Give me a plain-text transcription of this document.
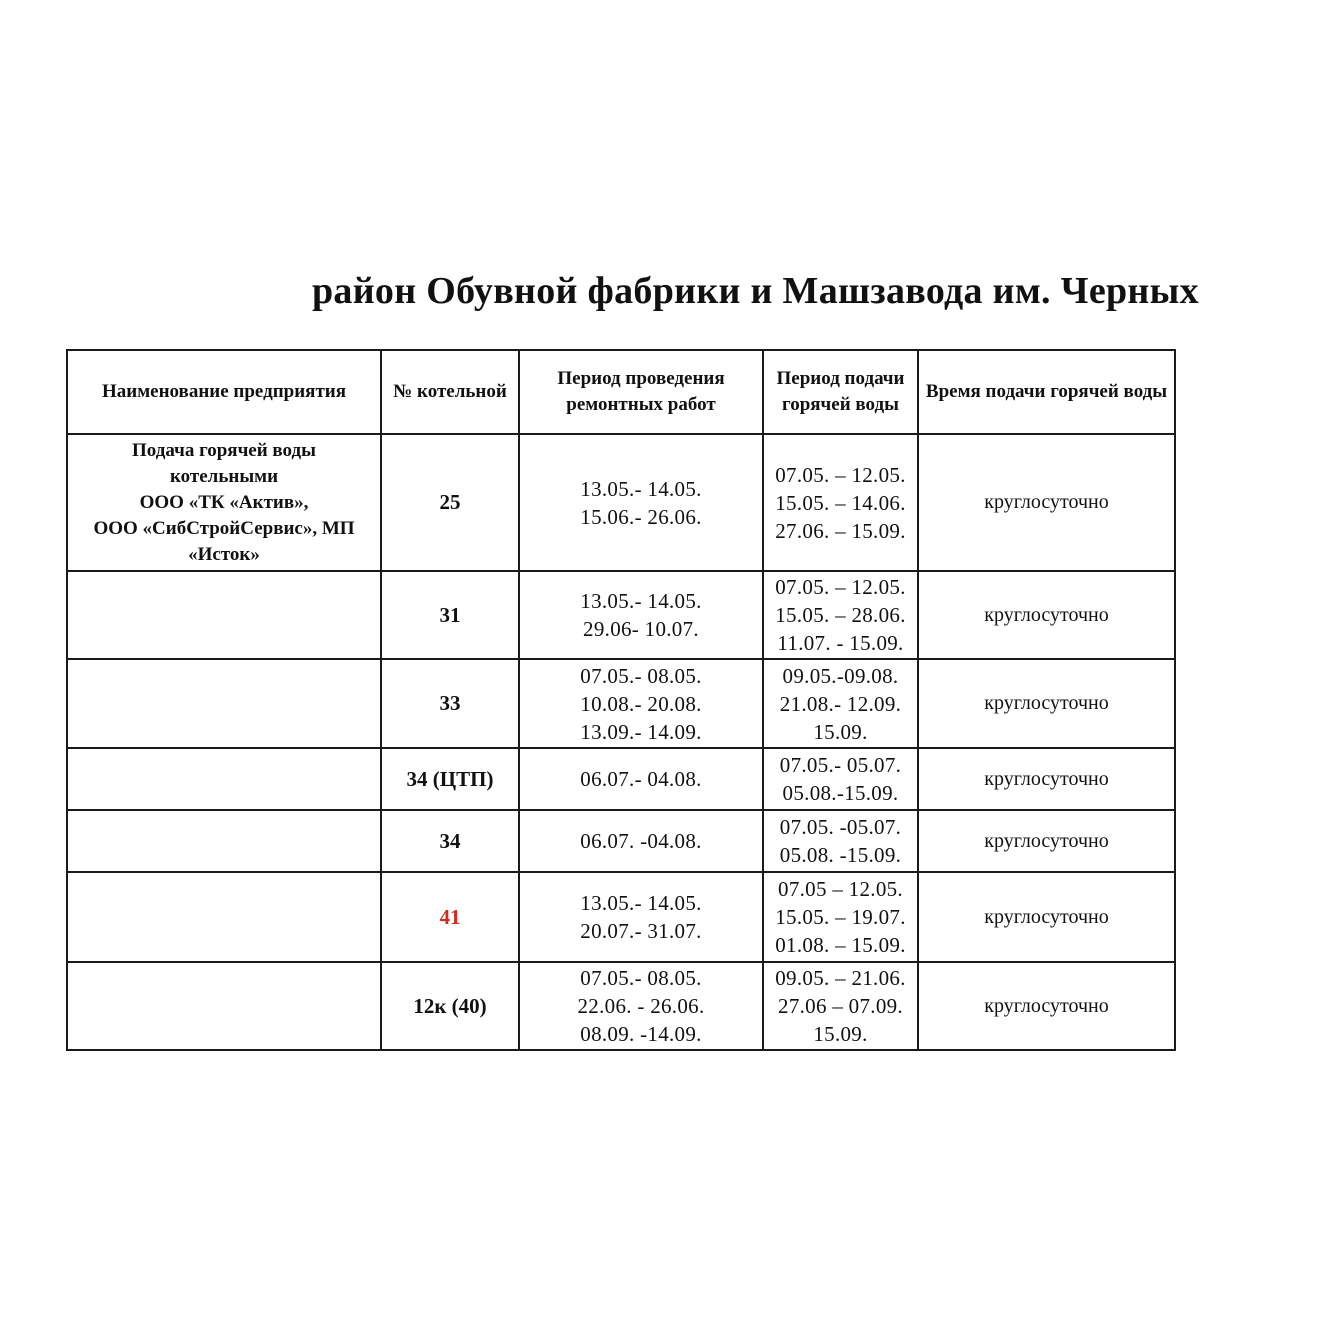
район Обувной фабрики и Машзавода им. Черных
Наименование предприятия	№ котельной	Период проведения ремонтных работ	Период подачи горячей воды	Время подачи горячей воды

Подача горячей воды
котельными
ООО «ТК «Актив»,
ООО «СибСтройСервис», МП
«Исток»	25	13.05.- 14.05.
15.06.- 26.06.	07.05. – 12.05.
15.05. – 14.06.
27.06. – 15.09.	круглосуточно
	31	13.05.- 14.05.
29.06- 10.07.	07.05. – 12.05.
15.05. – 28.06.
11.07. - 15.09.	круглосуточно
	33	07.05.- 08.05.
10.08.- 20.08.
13.09.- 14.09.	09.05.-09.08.
21.08.- 12.09.
15.09.	круглосуточно
	34 (ЦТП)	06.07.- 04.08.	07.05.- 05.07.
05.08.-15.09.	круглосуточно
	34	06.07. -04.08.	07.05. -05.07.
05.08. -15.09.	круглосуточно
	41	13.05.- 14.05.
20.07.- 31.07.	07.05 – 12.05.
15.05. – 19.07.
01.08. – 15.09.	круглосуточно
	12к (40)	07.05.- 08.05.
22.06. - 26.06.
08.09. -14.09.	09.05. – 21.06.
27.06 – 07.09.
15.09.	круглосуточно
